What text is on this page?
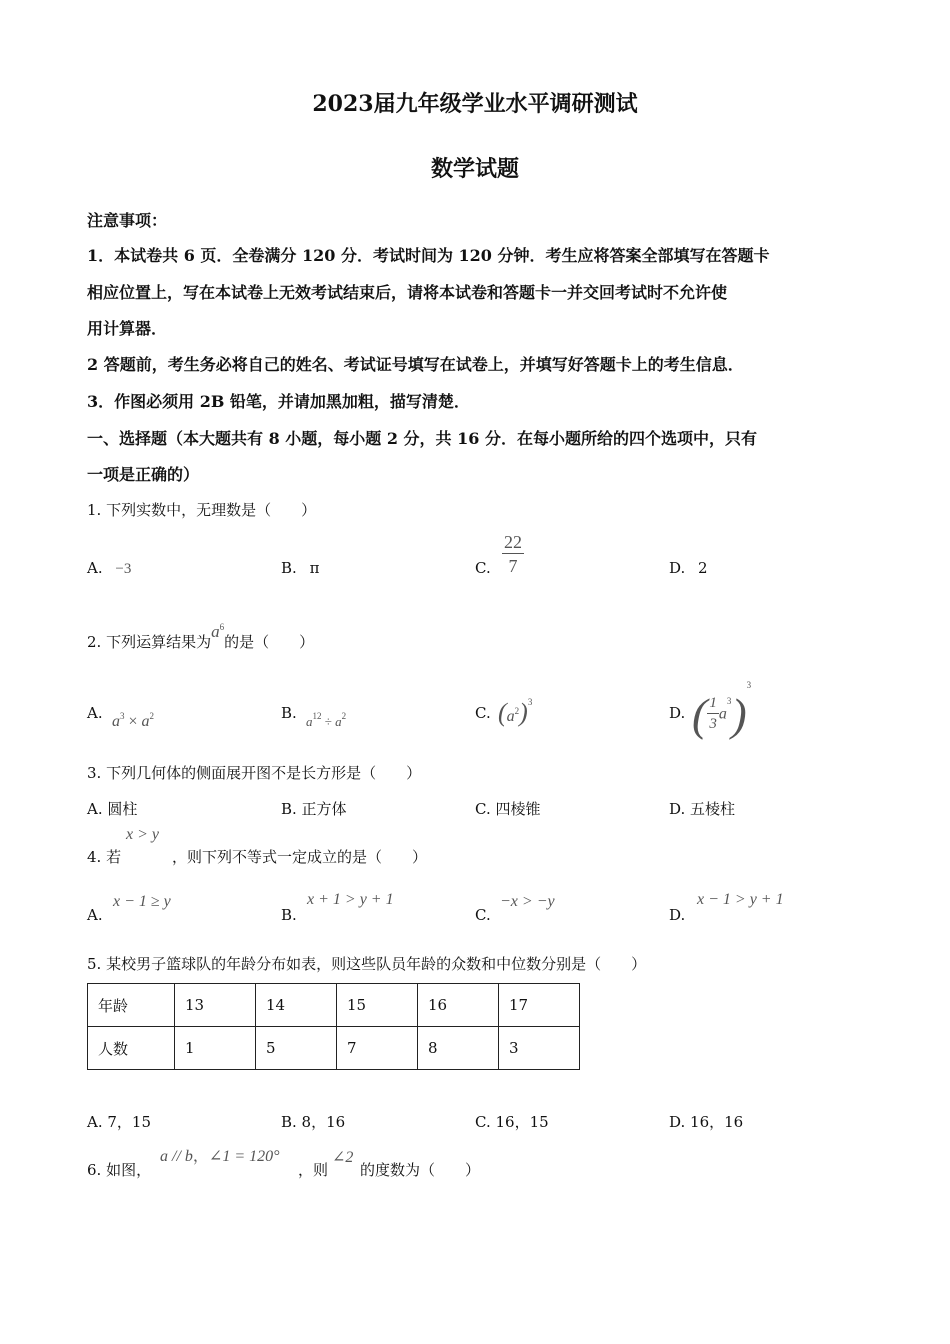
2023届九年级学业水平调研测试
数学试题
注意事项：
1．本试卷共 6 页．全卷满分 120 分．考试时间为 120 分钟．考生应将答案全部填写在答题卡
相应位置上，写在本试卷上无效考试结束后，请将本试卷和答题卡一并交回考试时不允许使
用计算器．
2 答题前，考生务必将自己的姓名、考试证号填写在试卷上，并填写好答题卡上的考生信息．
3．作图必须用 2B 铅笔，并请加黑加粗，描写清楚．
一、选择题（本大题共有 8 小题，每小题 2 分，共 16 分．在每小题所给的四个选项中，只有
一项是正确的）
1. 下列实数中，无理数是（　　）
A. −3	B. π	C. $\frac{22}{7}$	D. 2
2. 下列运算结果为$a^6$的是（　　）
A. $a^3 \times a^2$	B. $a^{12} \div a^2$	C. $(a^2)^3$
D. ( $\frac{1}{3} a^3)^3$
3. 下列几何体的侧面展开图不是长方形是（　　）
A. 圆柱	B. 正方体	C. 四棱锥	D. 五棱柱
4. 若
x > y
，则下列不等式一定成立的是（　　）
A.
x − 1 ≥ y
B.
x + 1 > y + 1
C.
−x > −y
D.
x − 1 > y + 1
5. 某校男子篮球队的年龄分布如表，则这些队员年龄的众数和中位数分别是（　　）
年龄	13	14	15	16	17
人数	1	5	7	8	3
A. 7，15	B. 8，16	C. 16，15	D. 16，16
6. 如图，
a // b，∠1 = 120°
，则
∠2
的度数为（　　）
